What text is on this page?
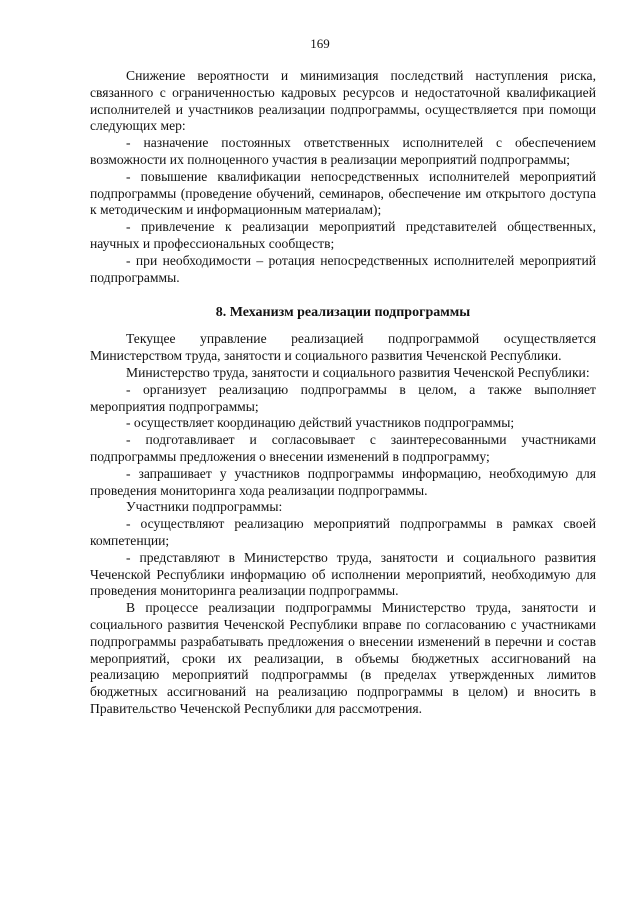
169

Снижение вероятности и минимизация последствий наступления риска, связанного с ограниченностью кадровых ресурсов и недостаточной квалификацией исполнителей и участников реализации подпрограммы, осуществляется при помощи следующих мер:

- назначение постоянных ответственных исполнителей с обеспечением возможности их полноценного участия в реализации мероприятий подпрограммы;

- повышение квалификации непосредственных исполнителей мероприятий подпрограммы (проведение обучений, семинаров, обеспечение им открытого доступа к методическим и информационным материалам);

- привлечение к реализации мероприятий представителей общественных, научных и профессиональных сообществ;

- при необходимости – ротация непосредственных исполнителей мероприятий подпрограммы.

8. Механизм реализации подпрограммы

Текущее управление реализацией подпрограммой осуществляется Министерством труда, занятости и социального развития Чеченской Республики.

Министерство труда, занятости и социального развития Чеченской Республики:

- организует реализацию подпрограммы в целом, а также выполняет мероприятия подпрограммы;

- осуществляет координацию действий участников подпрограммы;

- подготавливает и согласовывает с заинтересованными участниками подпрограммы предложения о внесении изменений в подпрограмму;

- запрашивает у участников подпрограммы информацию, необходимую для проведения мониторинга хода реализации подпрограммы.

Участники подпрограммы:

- осуществляют реализацию мероприятий подпрограммы в рамках своей компетенции;

- представляют в Министерство труда, занятости и социального развития Чеченской Республики информацию об исполнении мероприятий, необходимую для проведения мониторинга реализации подпрограммы.

В процессе реализации подпрограммы Министерство труда, занятости и социального развития Чеченской Республики вправе по согласованию с участниками подпрограммы разрабатывать предложения о внесении изменений в перечни и состав мероприятий, сроки их реализации, в объемы бюджетных ассигнований на реализацию мероприятий подпрограммы (в пределах утвержденных лимитов бюджетных ассигнований на реализацию подпрограммы в целом) и вносить в Правительство Чеченской Республики для рассмотрения.
